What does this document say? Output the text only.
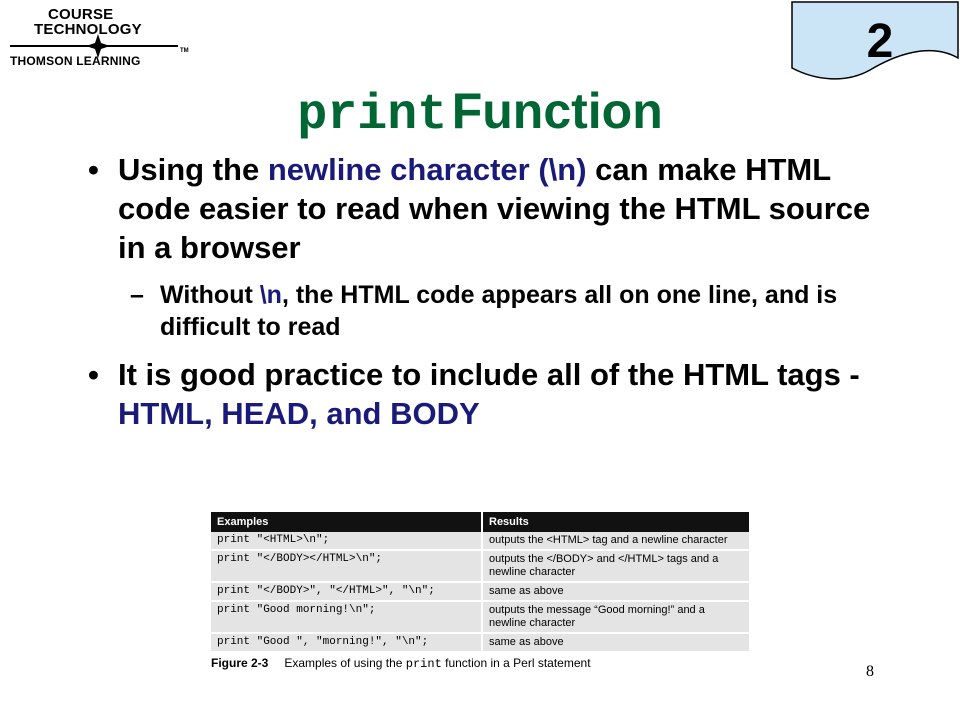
TM
COURSE
TECHNOLOGY
THOMSON LEARNING	2
print Function
• Using the newline character (\n) can make HTML code easier to read when viewing the HTML source in a browser
– Without \n, the HTML code appears all on one line, and is difficult to read
• It is good practice to include all of the HTML tags - HTML, HEAD, and BODY
Examples	Results
print "<HTML>\n";	outputs the <HTML> tag and a newline character
print "</BODY></HTML>\n";	outputs the </BODY> and </HTML> tags and a newline character
print "</BODY>", "</HTML>", "\n";	same as above
print "Good morning!\n";	outputs the message “Good morning!” and a newline character
print "Good ", "morning!", "\n";	same as above
Figure 2-3 Examples of using the print function in a Perl statement	8
